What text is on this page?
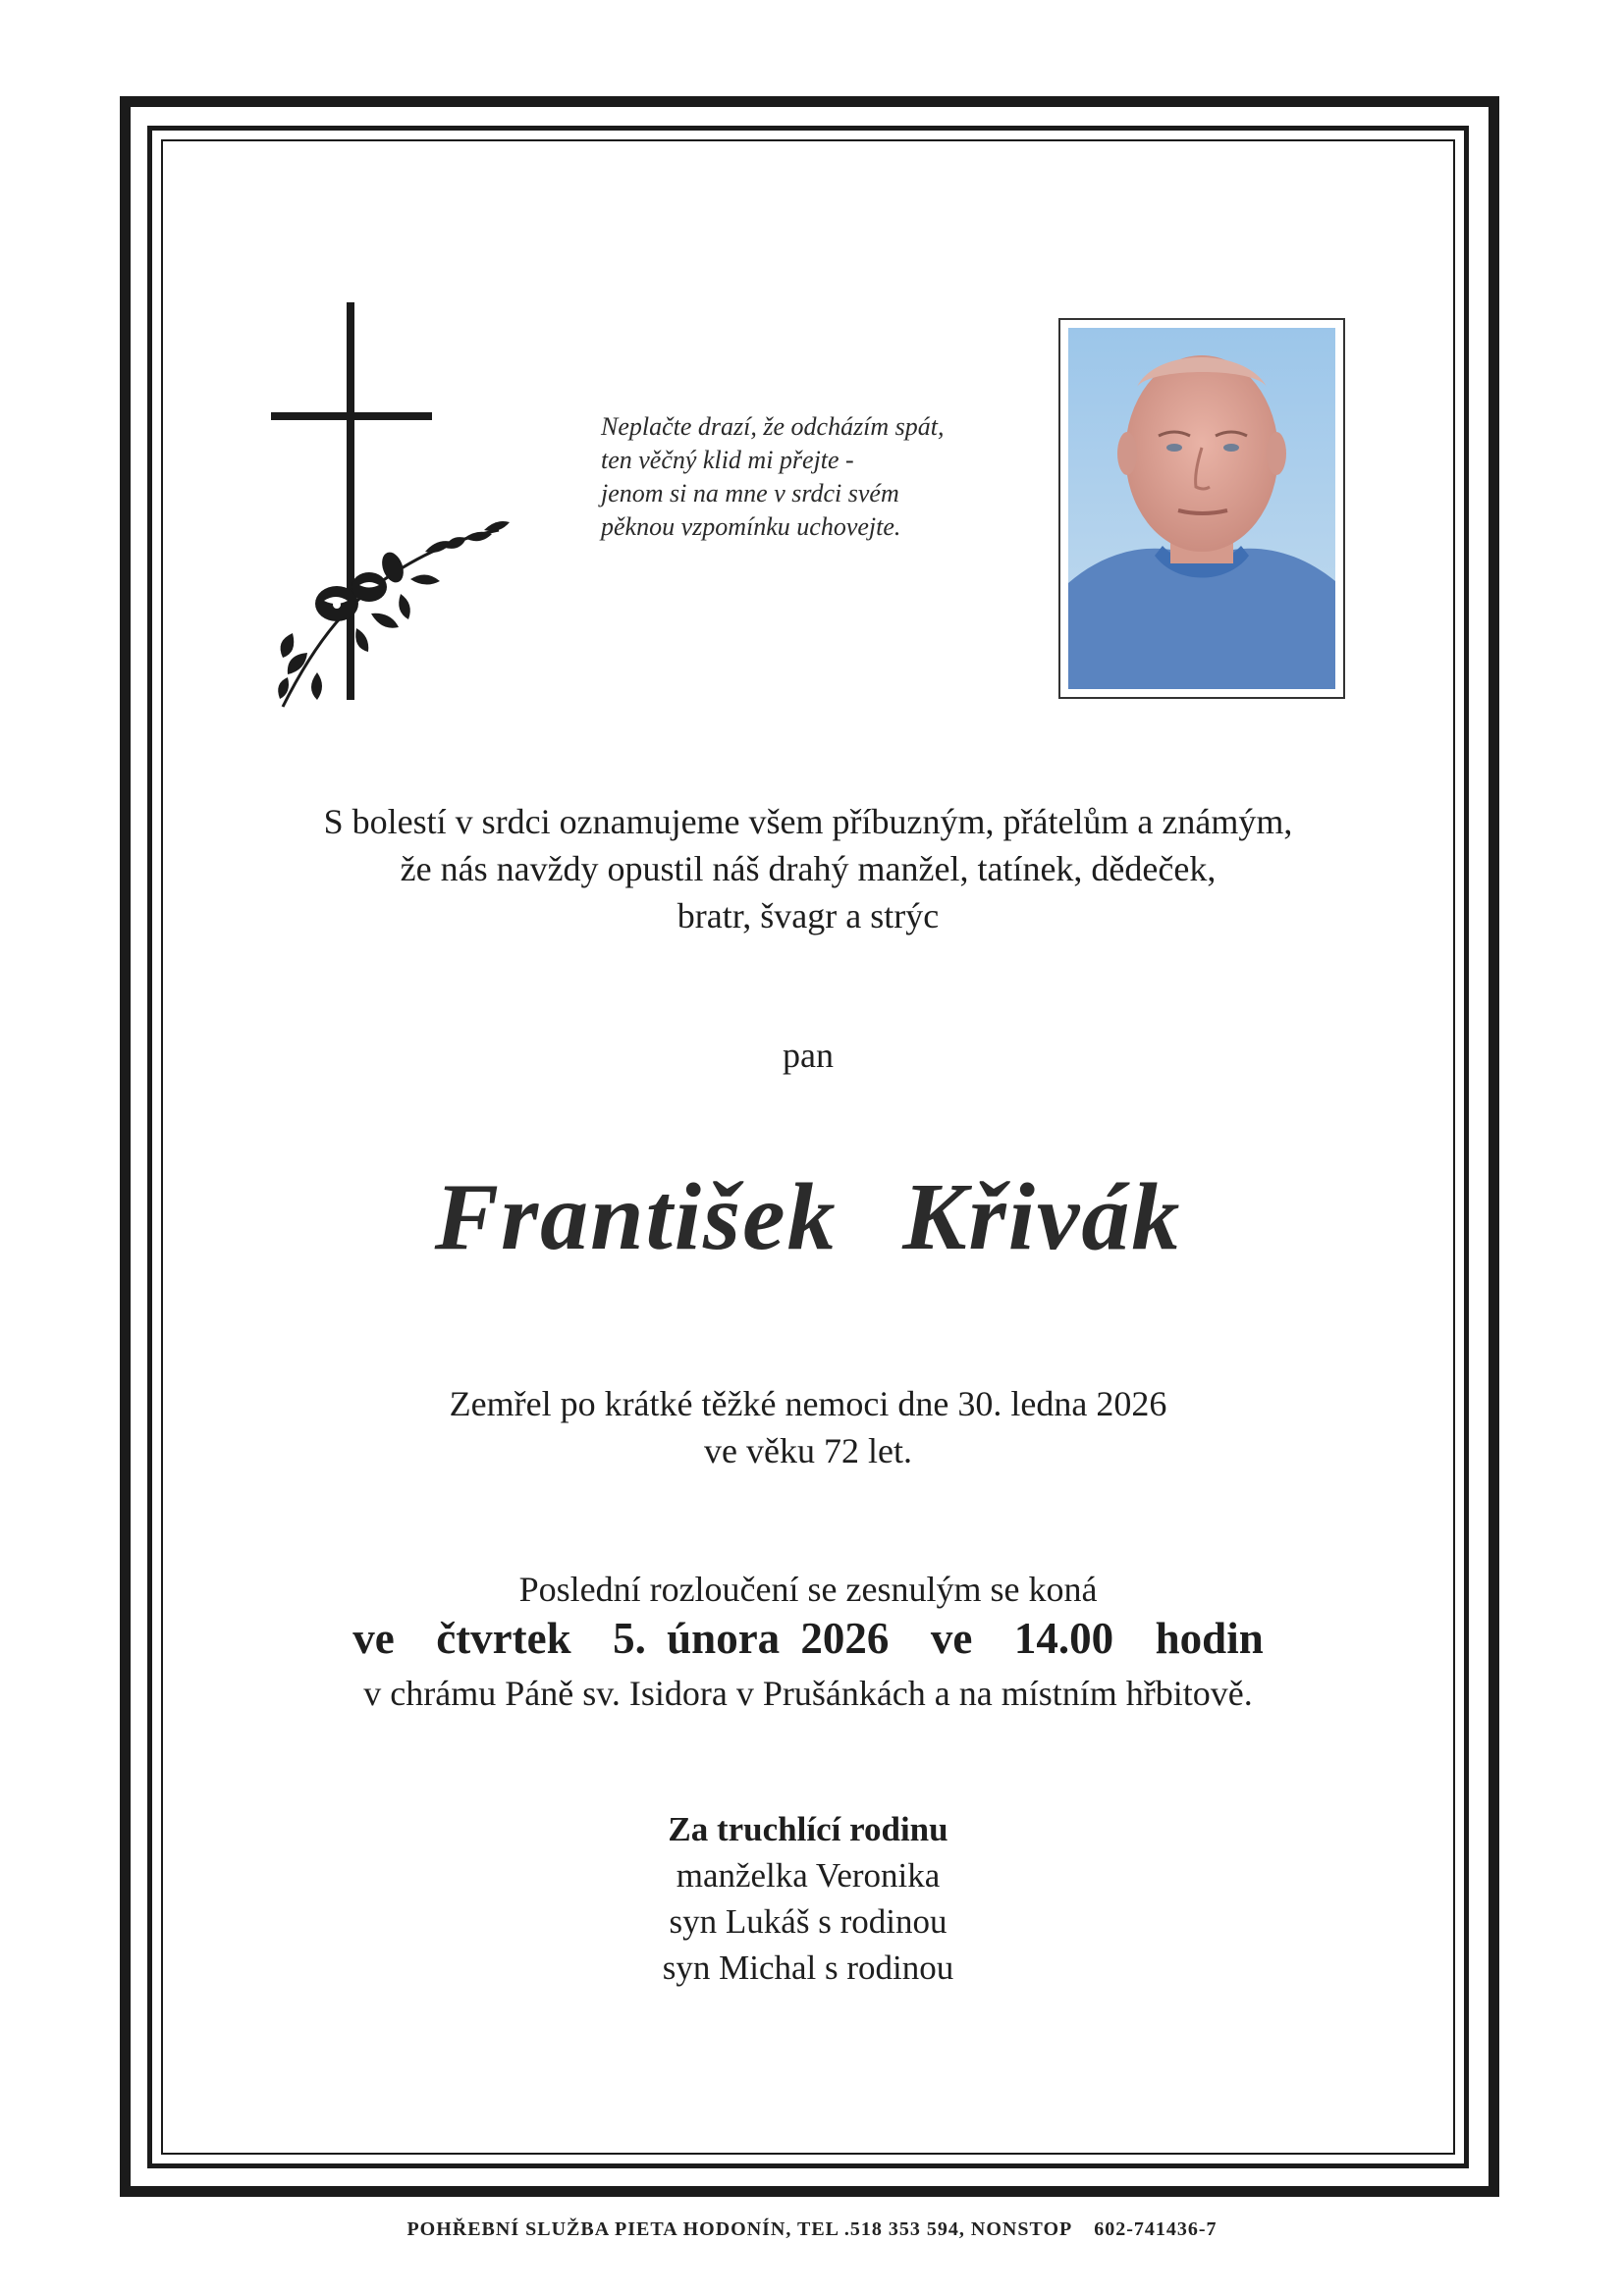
Neplačte drazí, že odcházím spát,
ten věčný klid mi přejte -
jenom si na mne v srdci svém
pěknou vzpomínku uchovejte.
S bolestí v srdci oznamujeme všem příbuzným, přátelům a známým,
že nás navždy opustil náš drahý manžel, tatínek, dědeček,
bratr, švagr a strýc
pan
František Křivák
Zemřel po krátké těžké nemoci dne 30. ledna 2026
ve věku 72 let.
Poslední rozloučení se zesnulým se koná
ve  čtvrtek  5. února 2026  ve  14.00  hodin
v chrámu Páně sv. Isidora v Prušánkách a na místním hřbitově.
Za truchlící rodinu
manželka Veronika
syn Lukáš s rodinou
syn Michal s rodinou
POHŘEBNÍ SLUŽBA PIETA HODONÍN, TEL .518 353 594, NONSTOP 602-741436-7
